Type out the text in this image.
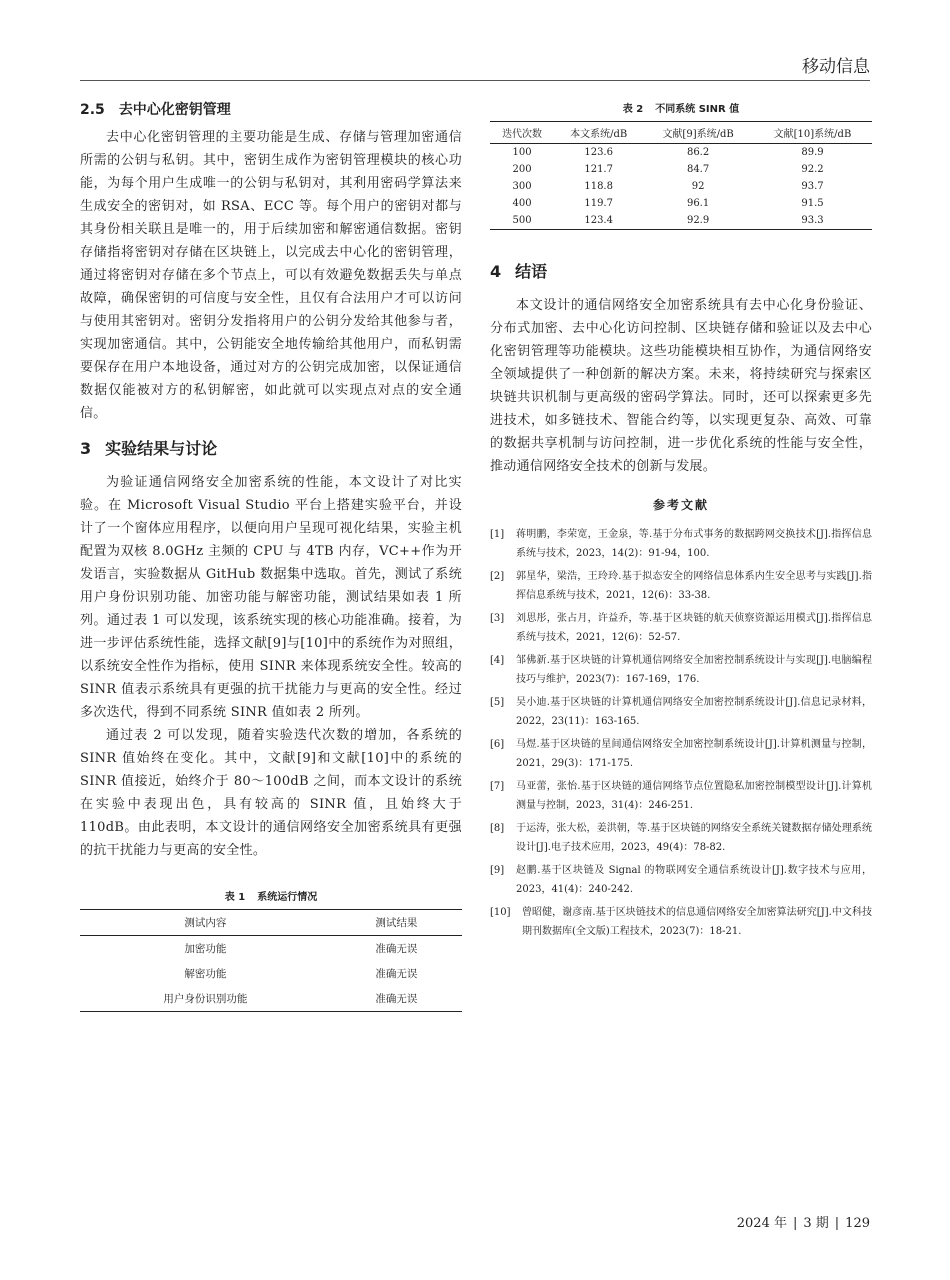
移动信息
2.5 去中心化密钥管理

去中心化密钥管理的主要功能是生成、存储与管理加密通信所需的公钥与私钥。其中，密钥生成作为密钥管理模块的核心功能，为每个用户生成唯一的公钥与私钥对，其利用密码学算法来生成安全的密钥对，如 RSA、ECC 等。每个用户的密钥对都与其身份相关联且是唯一的，用于后续加密和解密通信数据。密钥存储指将密钥对存储在区块链上，以完成去中心化的密钥管理，通过将密钥对存储在多个节点上，可以有效避免数据丢失与单点故障，确保密钥的可信度与安全性，且仅有合法用户才可以访问与使用其密钥对。密钥分发指将用户的公钥分发给其他参与者，实现加密通信。其中，公钥能安全地传输给其他用户，而私钥需要保存在用户本地设备，通过对方的公钥完成加密，以保证通信数据仅能被对方的私钥解密，如此就可以实现点对点的安全通信。

3 实验结果与讨论

为验证通信网络安全加密系统的性能，本文设计了对比实验。在 Microsoft Visual Studio 平台上搭建实验平台，并设计了一个窗体应用程序，以便向用户呈现可视化结果，实验主机配置为双核 8.0GHz 主频的 CPU 与 4TB 内存，VC++作为开发语言，实验数据从 GitHub 数据集中选取。首先，测试了系统用户身份识别功能、加密功能与解密功能，测试结果如表 1 所列。通过表 1 可以发现，该系统实现的核心功能准确。接着，为进一步评估系统性能，选择文献[9]与[10]中的系统作为对照组，以系统安全性作为指标，使用 SINR 来体现系统安全性。较高的 SINR 值表示系统具有更强的抗干扰能力与更高的安全性。经过多次迭代，得到不同系统 SINR 值如表 2 所列。

通过表 2 可以发现，随着实验迭代次数的增加，各系统的 SINR 值始终在变化。其中，文献[9]和文献[10]中的系统的 SINR 值接近，始终介于 80～100dB 之间，而本文设计的系统在实验中表现出色，具有较高的 SINR 值，且始终大于 110dB。由此表明，本文设计的通信网络安全加密系统具有更强的抗干扰能力与更高的安全性。

表 1 系统运行情况
测试内容	测试结果
加密功能	准确无误
解密功能	准确无误
用户身份识别功能	准确无误
表 2 不同系统 SINR 值
迭代次数	本文系统/dB	文献[9]系统/dB	文献[10]系统/dB
100	123.6	86.2	89.9
200	121.7	84.7	92.2
300	118.8	92	93.7
400	119.7	96.1	91.5
500	123.4	92.9	93.3
4 结语

本文设计的通信网络安全加密系统具有去中心化身份验证、分布式加密、去中心化访问控制、区块链存储和验证以及去中心化密钥管理等功能模块。这些功能模块相互协作，为通信网络安全领域提供了一种创新的解决方案。未来，将持续研究与探索区块链共识机制与更高级的密码学算法。同时，还可以探索更多先进技术，如多链技术、智能合约等，以实现更复杂、高效、可靠的数据共享机制与访问控制，进一步优化系统的性能与安全性，推动通信网络安全技术的创新与发展。

参考文献
[1] 蒋明鹏，李荣宽，王金泉，等.基于分布式事务的数据跨网交换技术[J].指挥信息系统与技术，2023，14(2)：91-94，100.
[2] 郭星华，梁浩，王玲玲.基于拟态安全的网络信息体系内生安全思考与实践[J].指挥信息系统与技术，2021，12(6)：33-38.
[3] 刘思彤，张占月，许益乔，等.基于区块链的航天侦察资源运用模式[J].指挥信息系统与技术，2021，12(6)：52-57.
[4] 邹佛新.基于区块链的计算机通信网络安全加密控制系统设计与实现[J].电脑编程技巧与维护，2023(7)：167-169，176.
[5] 吴小迪.基于区块链的计算机通信网络安全加密控制系统设计[J].信息记录材料，2022，23(11)：163-165.
[6] 马煜.基于区块链的星间通信网络安全加密控制系统设计[J].计算机测量与控制，2021，29(3)：171-175.
[7] 马亚蕾，张怡.基于区块链的通信网络节点位置隐私加密控制模型设计[J].计算机测量与控制，2023，31(4)：246-251.
[8] 于运涛，张大松，姜洪朝，等.基于区块链的网络安全系统关键数据存储处理系统设计[J].电子技术应用，2023，49(4)：78-82.
[9] 赵鹏.基于区块链及 Signal 的物联网安全通信系统设计[J].数字技术与应用，2023，41(4)：240-242.
[10] 曾昭健，谢彦南.基于区块链技术的信息通信网络安全加密算法研究[J].中文科技期刊数据库(全文版)工程技术，2023(7)：18-21.
2024 年 | 3 期 | 129
